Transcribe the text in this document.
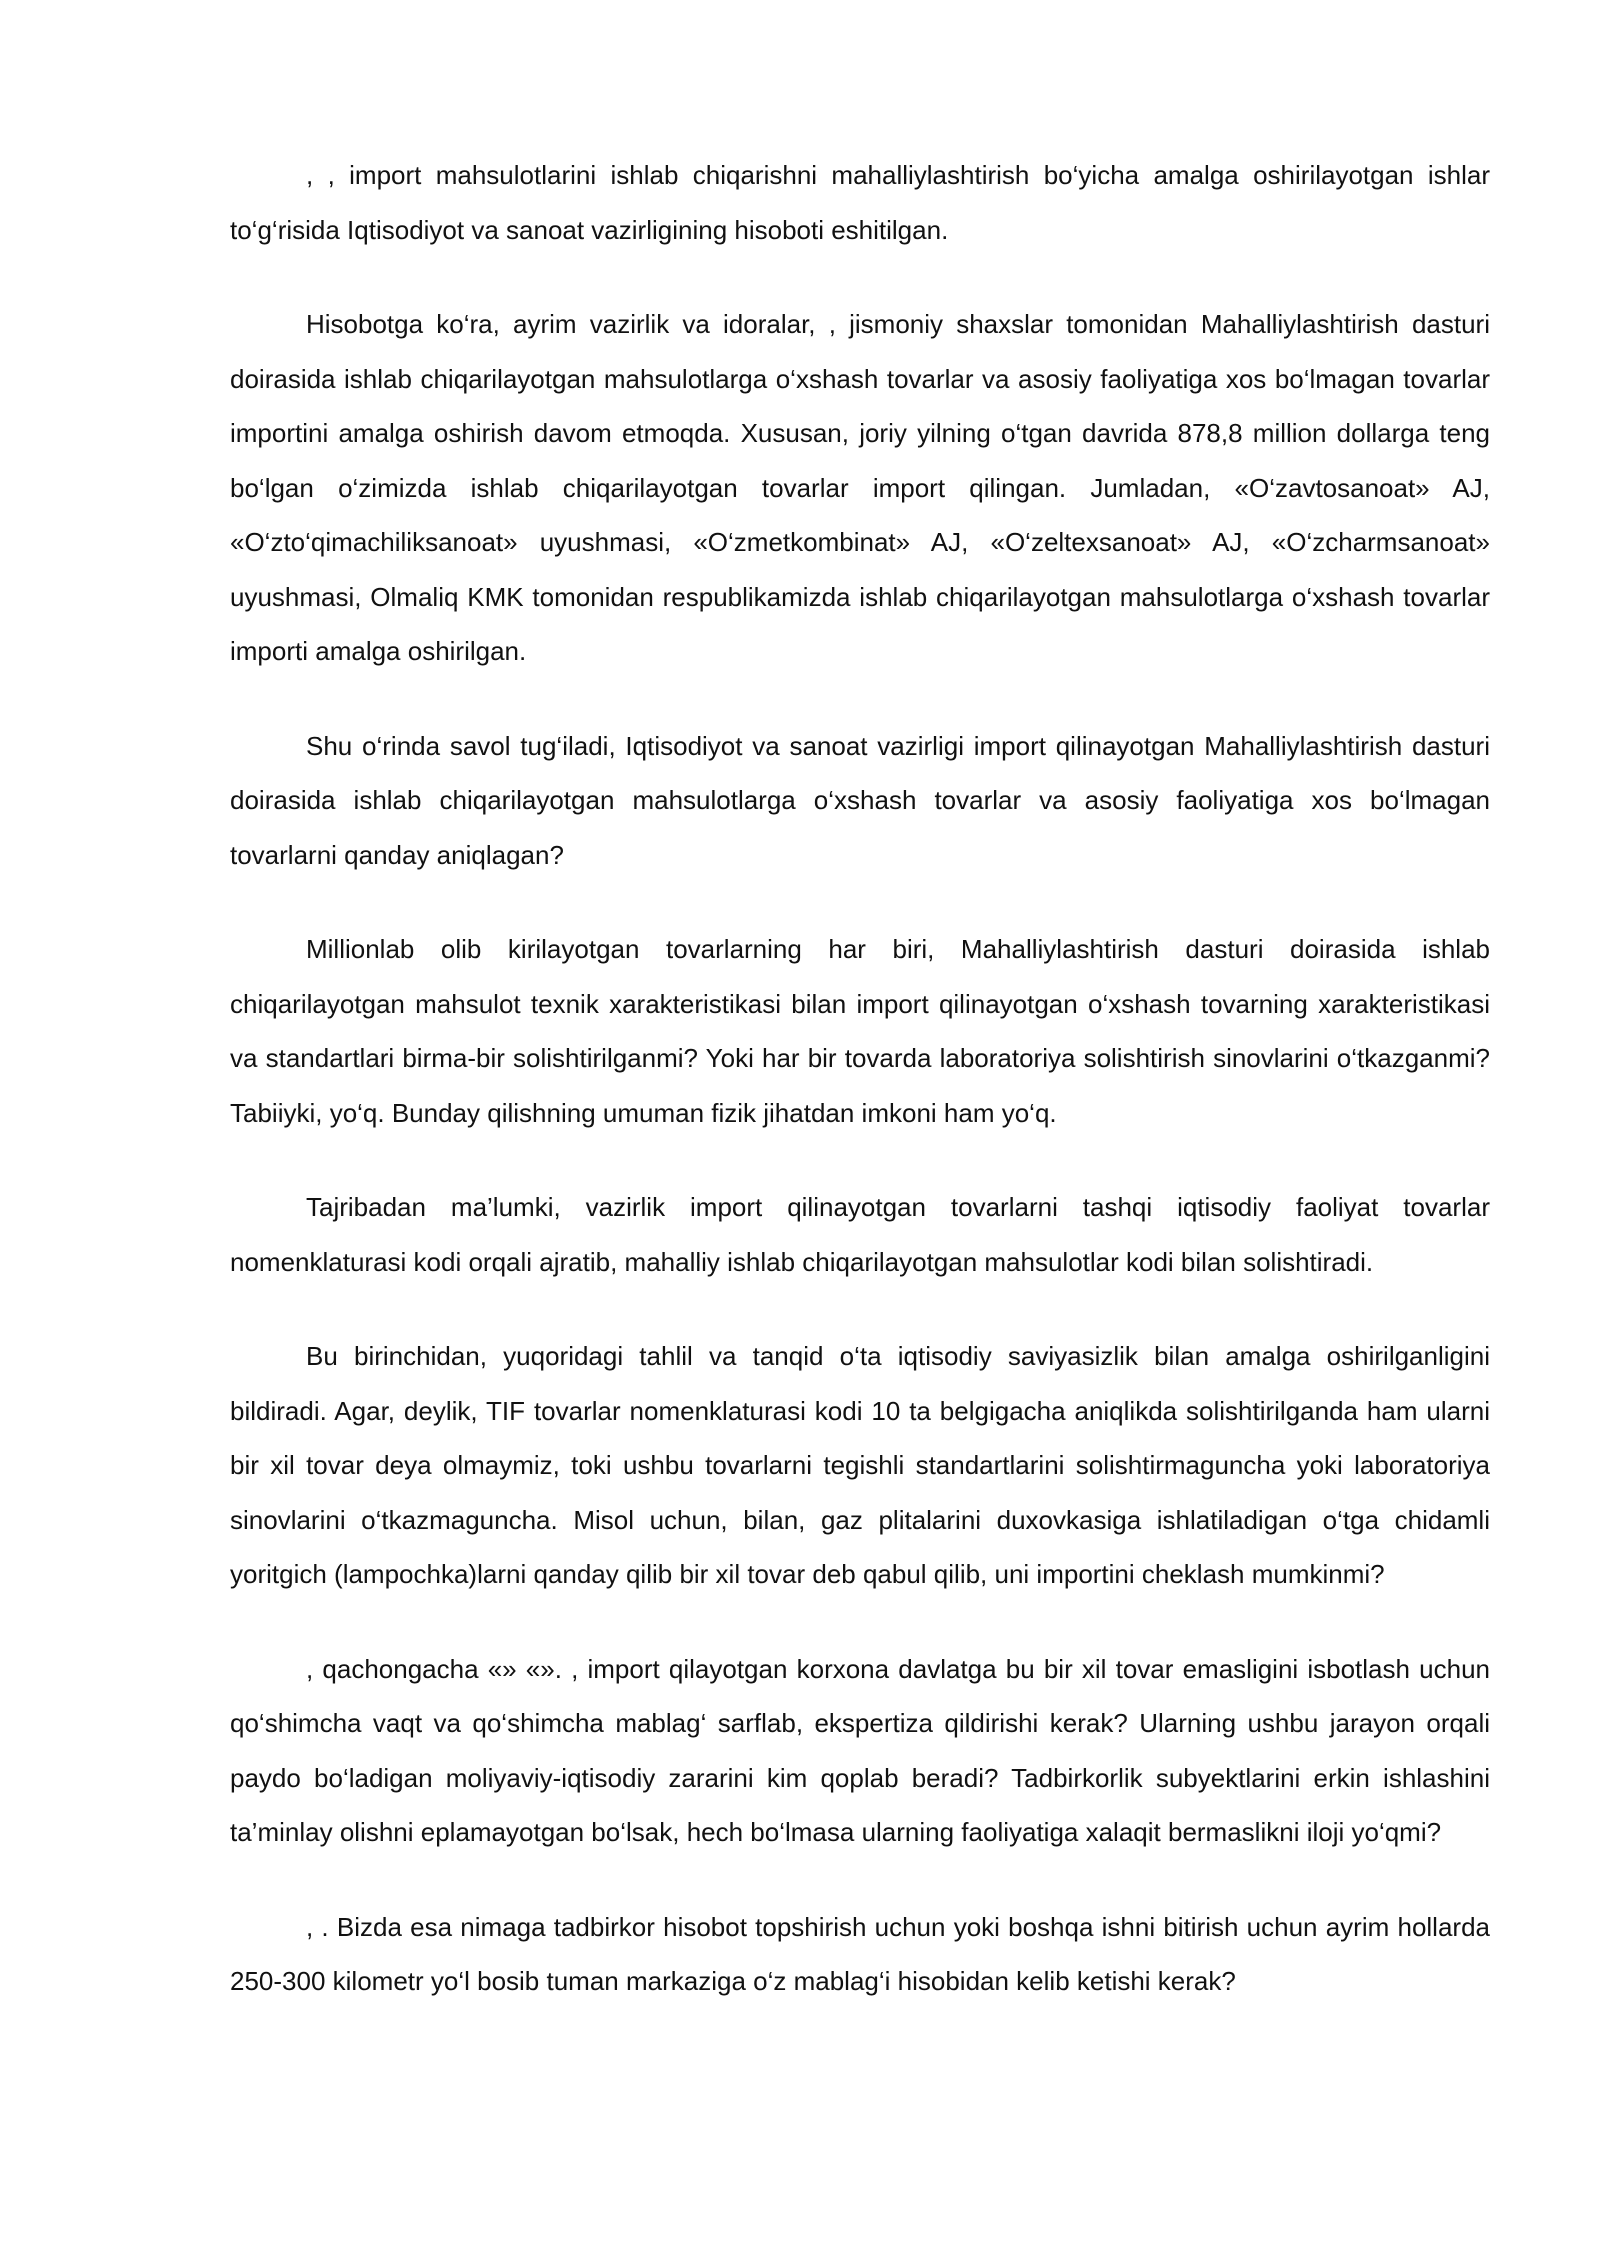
, , import mahsulotlarini ishlab chiqarishni mahalliylashtirish bo‘yicha amalga oshirilayotgan ishlar to‘g‘risida Iqtisodiyot va sanoat vazirligining hisoboti eshitilgan.

Hisobotga ko‘ra, ayrim vazirlik va idoralar, , jismoniy shaxslar tomonidan Mahalliylashtirish dasturi doirasida ishlab chiqarilayotgan mahsulotlarga o‘xshash tovarlar va asosiy faoliyatiga xos bo‘lmagan tovarlar importini amalga oshirish davom etmoqda. Xususan, joriy yilning o‘tgan davrida 878,8 million dollarga teng bo‘lgan o‘zimizda ishlab chiqarilayotgan tovarlar import qilingan. Jumladan, «O‘zavtosanoat» AJ, «O‘zto‘qimachiliksanoat» uyushmasi, «O‘zmetkombinat» AJ, «O‘zeltexsanoat» AJ, «O‘zcharmsanoat» uyushmasi, Olmaliq KMK tomonidan respublikamizda ishlab chiqarilayotgan mahsulotlarga o‘xshash tovarlar importi amalga oshirilgan.

Shu o‘rinda savol tug‘iladi, Iqtisodiyot va sanoat vazirligi import qilinayotgan Mahalliylashtirish dasturi doirasida ishlab chiqarilayotgan mahsulotlarga o‘xshash tovarlar va asosiy faoliyatiga xos bo‘lmagan tovarlarni qanday aniqlagan?

Millionlab olib kirilayotgan tovarlarning har biri, Mahalliylashtirish dasturi doirasida ishlab chiqarilayotgan mahsulot texnik xarakteristikasi bilan import qilinayotgan o‘xshash tovarning xarakteristikasi va standartlari birma-bir solishtirilganmi? Yoki har bir tovarda laboratoriya solishtirish sinovlarini o‘tkazganmi? Tabiiyki, yo‘q. Bunday qilishning umuman fizik jihatdan imkoni ham yo‘q.

Tajribadan ma’lumki, vazirlik import qilinayotgan tovarlarni tashqi iqtisodiy faoliyat tovarlar nomenklaturasi kodi orqali ajratib, mahalliy ishlab chiqarilayotgan mahsulotlar kodi bilan solishtiradi.

Bu birinchidan, yuqoridagi tahlil va tanqid o‘ta iqtisodiy saviyasizlik bilan amalga oshirilganligini bildiradi. Agar, deylik, TIF tovarlar nomenklaturasi kodi 10 ta belgigacha aniqlikda solishtirilganda ham ularni bir xil tovar deya olmaymiz, toki ushbu tovarlarni tegishli standartlarini solishtirmaguncha yoki laboratoriya sinovlarini o‘tkazmaguncha. Misol uchun, bilan, gaz plitalarini duxovkasiga ishlatiladigan o‘tga chidamli yoritgich (lampochka)larni qanday qilib bir xil tovar deb qabul qilib, uni importini cheklash mumkinmi?

, qachongacha «» «». , import qilayotgan korxona davlatga bu bir xil tovar emasligini isbotlash uchun qo‘shimcha vaqt va qo‘shimcha mablag‘ sarflab, ekspertiza qildirishi kerak? Ularning ushbu jarayon orqali paydo bo‘ladigan moliyaviy-iqtisodiy zararini kim qoplab beradi? Tadbirkorlik subyektlarini erkin ishlashini ta’minlay olishni eplamayotgan bo‘lsak, hech bo‘lmasa ularning faoliyatiga xalaqit bermaslikni iloji yo‘qmi?

, . Bizda esa nimaga tadbirkor hisobot topshirish uchun yoki boshqa ishni bitirish uchun ayrim hollarda 250-300 kilometr yo‘l bosib tuman markaziga o‘z mablag‘i hisobidan kelib ketishi kerak?
